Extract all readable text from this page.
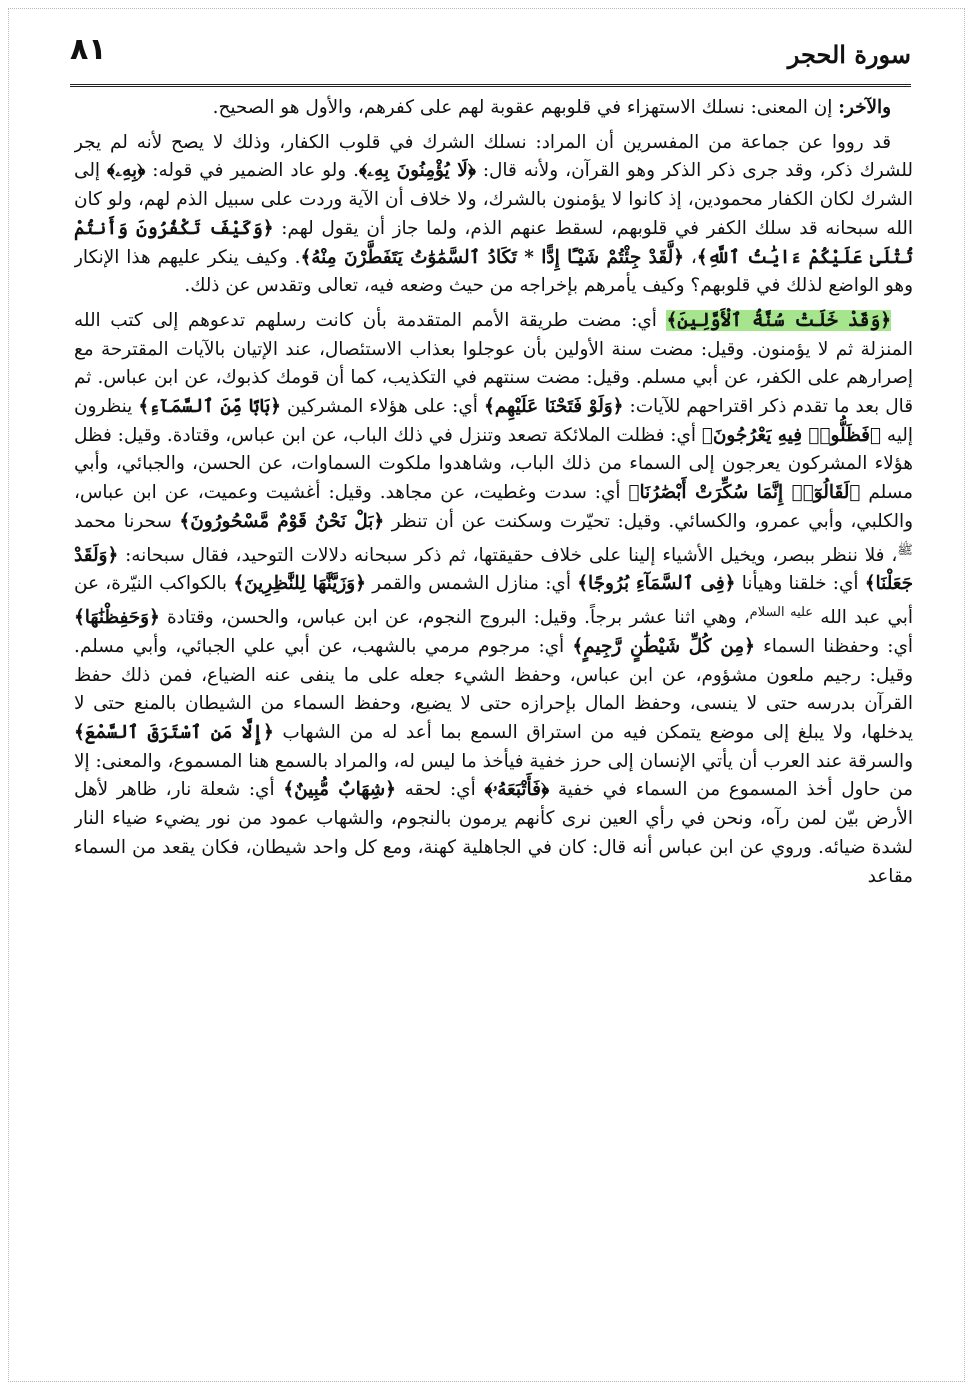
٨١	سورة الحجر

والآخر: إن المعنى: نسلك الاستهزاء في قلوبهم عقوبة لهم على كفرهم، والأول هو الصحيح.

قد رووا عن جماعة من المفسرين أن المراد: نسلك الشرك في قلوب الكفار، وذلك لا يصح لأنه لم يجر للشرك ذكر، وقد جرى ذكر الذكر وهو القرآن، ولأنه قال: ﴿لَا يُؤْمِنُونَ بِهِۦ﴾. ولو عاد الضمير في قوله: ﴿بِهِۦ﴾ إلى الشرك لكان الكفار محمودين، إذ كانوا لا يؤمنون بالشرك، ولا خلاف أن الآية وردت على سبيل الذم لهم، ولو كان الله سبحانه قد سلك الكفر في قلوبهم، لسقط عنهم الذم، ولما جاز أن يقول لهم: ﴿وَكَيْفَ تَكْفُرُونَ وَأَنتُمْ تُتْلَىٰ عَلَيْكُمْ ءَايَٰتُ ٱللَّهِ﴾، ﴿لَّقَدْ جِئْتُمْ شَيْـًٔا إِدًّا * تَكَادُ ٱلسَّمَٰوَٰتُ يَتَفَطَّرْنَ مِنْهُ﴾. وكيف ينكر عليهم هذا الإنكار وهو الواضع لذلك في قلوبهم؟ وكيف يأمرهم بإخراجه من حيث وضعه فيه، تعالى وتقدس عن ذلك.

﴿وَقَدْ خَلَتْ سُنَّةُ ٱلْأَوَّلِينَ﴾ أي: مضت طريقة الأمم المتقدمة بأن كانت رسلهم تدعوهم إلى كتب الله المنزلة ثم لا يؤمنون. وقيل: مضت سنة الأولين بأن عوجلوا بعذاب الاستئصال، عند الإتيان بالآيات المقترحة مع إصرارهم على الكفر، عن أبي مسلم. وقيل: مضت سنتهم في التكذيب، كما أن قومك كذبوك، عن ابن عباس. ثم قال بعد ما تقدم ذكر اقتراحهم للآيات: ﴿وَلَوْ فَتَحْنَا عَلَيْهِم﴾ أي: على هؤلاء المشركين ﴿بَابًا مِّنَ ٱلسَّمَآءِ﴾ ينظرون إليه ﴿فَظَلُّوا۟ فِيهِ يَعْرُجُونَ﴾ أي: فظلت الملائكة تصعد وتنزل في ذلك الباب، عن ابن عباس، وقتادة. وقيل: فظل هؤلاء المشركون يعرجون إلى السماء من ذلك الباب، وشاهدوا ملكوت السماوات، عن الحسن، والجبائي، وأبي مسلم ﴿لَقَالُوٓا۟ إِنَّمَا سُكِّرَتْ أَبْصَٰرُنَا﴾ أي: سدت وغطيت، عن مجاهد. وقيل: أغشيت وعميت، عن ابن عباس، والكلبي، وأبي عمرو، والكسائي. وقيل: تحيّرت وسكنت عن أن تنظر ﴿بَلْ نَحْنُ قَوْمٌ مَّسْحُورُونَ﴾ سحرنا محمد $^ﷺ$، فلا ننظر ببصر، ويخيل الأشياء إلينا على خلاف حقيقتها، ثم ذكر سبحانه دلالات التوحيد، فقال سبحانه: ﴿وَلَقَدْ جَعَلْنَا﴾ أي: خلقنا وهيأنا ﴿فِى ٱلسَّمَآءِ بُرُوجًا﴾ أي: منازل الشمس والقمر ﴿وَزَيَّنَّٰهَا لِلنَّٰظِرِينَ﴾ بالكواكب النيّرة، عن أبي عبد الله $^{عليه السلام}$، وهي اثنا عشر برجاً. وقيل: البروج النجوم، عن ابن عباس، والحسن، وقتادة ﴿وَحَفِظْنَٰهَا﴾ أي: وحفظنا السماء ﴿مِن كُلِّ شَيْطَٰنٍ رَّجِيمٍ﴾ أي: مرجوم مرمي بالشهب، عن أبي علي الجبائي، وأبي مسلم. وقيل: رجيم ملعون مشؤوم، عن ابن عباس، وحفظ الشيء جعله على ما ينفى عنه الضياع، فمن ذلك حفظ القرآن بدرسه حتى لا ينسى، وحفظ المال بإحرازه حتى لا يضيع، وحفظ السماء من الشيطان بالمنع حتى لا يدخلها، ولا يبلغ إلى موضع يتمكن فيه من استراق السمع بما أعد له من الشهاب ﴿إِلَّا مَنِ ٱسْتَرَقَ ٱلسَّمْعَ﴾ والسرقة عند العرب أن يأتي الإنسان إلى حرز خفية فيأخذ ما ليس له، والمراد بالسمع هنا المسموع، والمعنى: إلا من حاول أخذ المسموع من السماء في خفية ﴿فَأَتْبَعَهُۥ﴾ أي: لحقه ﴿شِهَابٌ مُّبِينٌ﴾ أي: شعلة نار، ظاهر لأهل الأرض بيّن لمن رآه، ونحن في رأي العين نرى كأنهم يرمون بالنجوم، والشهاب عمود من نور يضيء ضياء النار لشدة ضيائه. وروي عن ابن عباس أنه قال: كان في الجاهلية كهنة، ومع كل واحد شيطان، فكان يقعد من السماء مقاعد
